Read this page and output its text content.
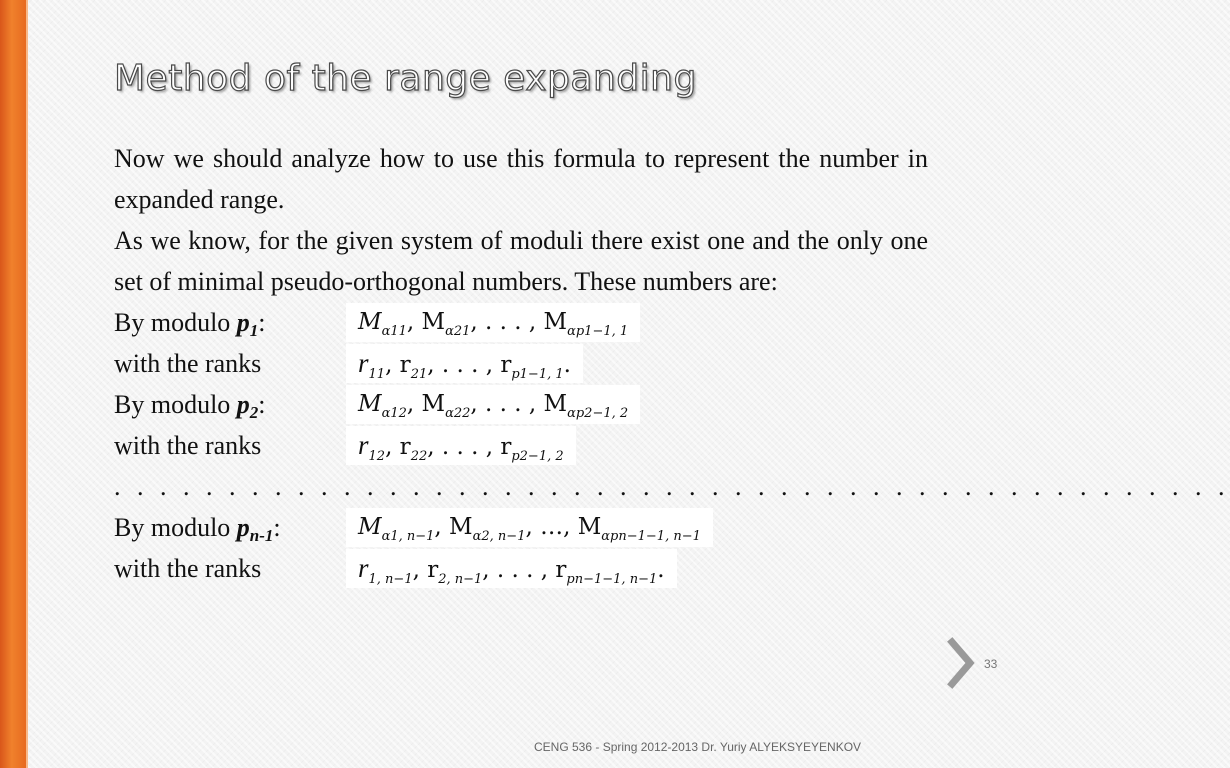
Method of the range expanding

Now we should analyze how to use this formula to represent the number in expanded range.

As we know, for the given system of moduli there exist one and the only one set of minimal pseudo-orthogonal numbers. These numbers are:

By modulo $p_1$:	$M_{\alpha 11}$, $M_{\alpha 21}$, . . . , $M_{\alpha p1-1, 1}$
with the ranks	$r_{11}$, $r_{21}$, . . . , $r_{p1-1, 1}$.
By modulo $p_2$:	$M_{\alpha 12}$, $M_{\alpha 22}$, . . . , $M_{\alpha p2-1, 2}$
with the ranks	$r_{12}$, $r_{22}$, . . . , $r_{p2-1, 2}$
. . . . . . . . . . . . . . . . . . . . . . . . . . . . . . . . . . . . . . . . . . . . . . . . .
By modulo $p_{n-1}$:	$M_{\alpha 1, n-1}$, $M_{\alpha 2, n-1}$, …, $M_{\alpha pn-1-1, n-1}$
with the ranks	$r_{1, n-1}$, $r_{2, n-1}$, . . . , $r_{pn-1-1, n-1}$.
33
CENG 536 - Spring 2012-2013 Dr. Yuriy ALYEKSYEYENKOV
